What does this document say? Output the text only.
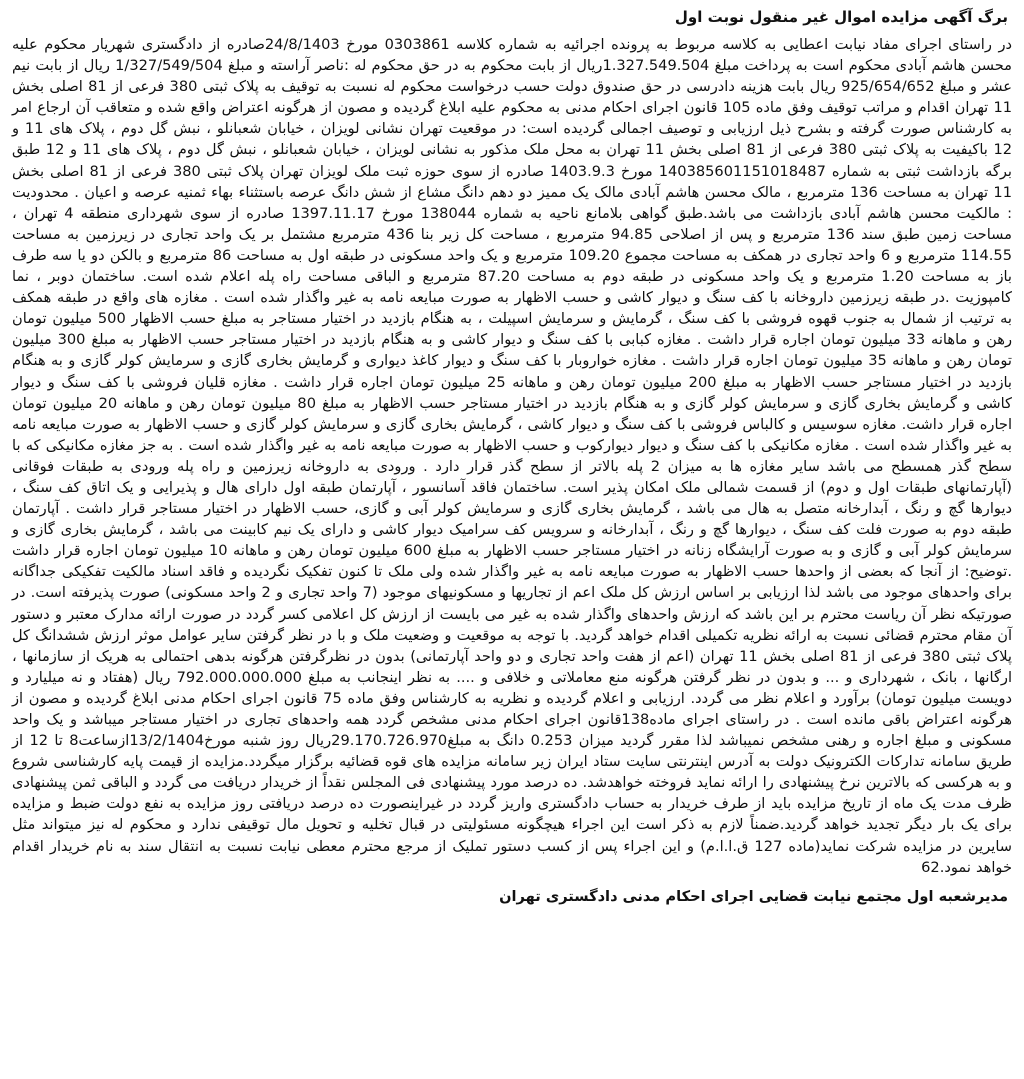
برگ آگهی مزایده اموال غیر منقول نوبت اول

در راستای اجرای مفاد نیابت اعطایی به کلاسه مربوط به پرونده اجرائیه به شماره کلاسه 0303861 مورخ 24/8/1403صادره از دادگستری شهریار محکوم علیه محسن هاشم آبادی محکوم است به پرداخت مبلغ 1.327.549.504ریال از بابت محکوم به در حق محکوم له :ناصر آراسته و مبلغ 1/327/549/504 ریال از بابت نیم عشر و مبلغ 925/654/652 ریال بابت هزینه دادرسی در حق صندوق دولت حسب درخواست محکوم له نسبت به توقیف به پلاک ثبتی 380 فرعی از 81 اصلی بخش 11 تهران اقدام و مراتب توقیف وفق ماده 105 قانون اجرای احکام مدنی به محکوم علیه ابلاغ گردیده و مصون از هرگونه اعتراض واقع شده و متعاقب آن ارجاع امر به کارشناس صورت گرفته و بشرح ذیل ارزیابی و توصیف اجمالی گردیده است: در موقعیت تهران نشانی لویزان ، خیابان شعبانلو ، نبش گل دوم ، پلاک های 11 و 12 باکیفیت به پلاک ثبتی 380 فرعی از 81 اصلی بخش 11 تهران به محل ملک مذکور به نشانی لویزان ، خیابان شعبانلو ، نبش گل دوم ، پلاک های 11 و 12 طبق برگه بازداشت ثبتی به شماره 140385601151018487 مورخ 1403.9.3 صادره از سوی حوزه ثبت ملک لویزان تهران پلاک ثبتی 380 فرعی از 81 اصلی بخش 11 تهران به مساحت 136 مترمربع ، مالک محسن هاشم آبادی مالک یک ممیز دو دهم دانگ مشاع از شش دانگ عرصه باستثناء بهاء ثمنیه عرصه و اعیان . محدودیت : مالکیت محسن هاشم آبادی بازداشت می باشد.طبق گواهی بلامانع ناحیه به شماره 138044 مورخ 1397.11.17 صادره از سوی شهرداری منطقه 4 تهران ، مساحت زمین طبق سند 136 مترمربع و پس از اصلاحی 94.85 مترمربع ، مساحت کل زیر بنا 436 مترمربع مشتمل بر یک واحد تجاری در زیرزمین به مساحت 114.55 مترمربع و 6 واحد تجاری در همکف به مساحت مجموع 109.20 مترمربع و یک واحد مسکونی در طبقه اول به مساحت 86 مترمربع و بالکن دو یا سه طرف باز به مساحت 1.20 مترمربع و یک واحد مسکونی در طبقه دوم به مساحت 87.20 مترمربع و الباقی مساحت راه پله اعلام شده است. ساختمان دوبر ، نما کامپوزیت .در طبقه زیرزمین داروخانه با کف سنگ و دیوار کاشی و حسب الاظهار به صورت مبایعه نامه به غیر واگذار شده است . مغازه های واقع در طبقه همکف به ترتیب از شمال به جنوب قهوه فروشی با کف سنگ ، گرمایش و سرمایش اسپیلت ، به هنگام بازدید در اختیار مستاجر به مبلغ حسب الاظهار 500 میلیون تومان رهن و ماهانه 33 میلیون تومان اجاره قرار داشت . مغازه کبابی با کف سنگ و دیوار کاشی و به هنگام بازدید در اختیار مستاجر حسب الاظهار به مبلغ 300 میلیون تومان رهن و ماهانه 35 میلیون تومان اجاره قرار داشت . مغازه خواروبار با کف سنگ و دیوار کاغذ دیواری و گرمایش بخاری گازی و سرمایش کولر گازی و به هنگام بازدید در اختیار مستاجر حسب الاظهار به مبلغ 200 میلیون تومان رهن و ماهانه 25 میلیون تومان اجاره قرار داشت . مغازه قلیان فروشی با کف سنگ و دیوار کاشی و گرمایش بخاری گازی و سرمایش کولر گازی و به هنگام بازدید در اختیار مستاجر حسب الاظهار به مبلغ 80 میلیون تومان رهن و ماهانه 20 میلیون تومان اجاره قرار داشت. مغازه سوسیس و کالباس فروشی با کف سنگ و دیوار کاشی ، گرمایش بخاری گازی و سرمایش کولر گازی و حسب الاظهار به صورت مبایعه نامه به غیر واگذار شده است . مغازه مکانیکی با کف سنگ و دیوار دیوارکوب و حسب الاظهار به صورت مبایعه نامه به غیر واگذار شده است . به جز مغازه مکانیکی که با سطح گذر همسطح می باشد سایر مغازه ها به میزان 2 پله بالاتر از سطح گذر قرار دارد . ورودی به داروخانه زیرزمین و راه پله ورودی به طبقات فوقانی (آپارتمانهای طبقات اول و دوم) از قسمت شمالی ملک امکان پذیر است. ساختمان فاقد آسانسور ، آپارتمان طبقه اول دارای هال و پذیرایی و یک اتاق کف سنگ ، دیوارها گچ و رنگ ، آبدارخانه متصل به هال می باشد ، گرمایش بخاری گازی و سرمایش کولر آبی و گازی، حسب الاظهار در اختیار مستاجر قرار داشت . آپارتمان طبقه دوم به صورت فلت کف سنگ ، دیوارها گچ و رنگ ، آبدارخانه و سرویس کف سرامیک دیوار کاشی و دارای یک نیم کابینت می باشد ، گرمایش بخاری گازی و سرمایش کولر آبی و گازی و به صورت آرایشگاه زنانه در اختیار مستاجر حسب الاظهار به مبلغ 600 میلیون تومان رهن و ماهانه 10 میلیون تومان اجاره قرار داشت .توضیح: از آنجا که بعضی از واحدها حسب الاظهار به صورت مبایعه نامه به غیر واگذار شده ولی ملک تا کنون تفکیک نگردیده و فاقد اسناد مالکیت تفکیکی جداگانه برای واحدهای موجود می باشد لذا ارزیابی بر اساس ارزش کل ملک اعم از تجاریها و مسکونیهای موجود (7 واحد تجاری و 2 واحد مسکونی) صورت پذیرفته است. در صورتیکه نظر آن ریاست محترم بر این باشد که ارزش واحدهای واگذار شده به غیر می بایست از ارزش کل اعلامی کسر گردد در صورت ارائه مدارک معتبر و دستور آن مقام محترم قضائی نسبت به ارائه نظریه تکمیلی اقدام خواهد گردید. با توجه به موقعیت و وضعیت ملک و با در نظر گرفتن سایر عوامل موثر ارزش ششدانگ کل پلاک ثبتی 380 فرعی از 81 اصلی بخش 11 تهران (اعم از هفت واحد تجاری و دو واحد آپارتمانی) بدون در نظرگرفتن هرگونه بدهی احتمالی به هریک از سازمانها ، ارگانها ، بانک ، شهرداری و ... و بدون در نظر گرفتن هرگونه منع معاملاتی و خلافی و .... به نظر اینجانب به مبلغ 792.000.000.000 ریال (هفتاد و نه میلیارد و دویست میلیون تومان) برآورد و اعلام نظر می گردد. ارزیابی و اعلام گردیده و نظریه به کارشناس وفق ماده 75 قانون اجرای احکام مدنی ابلاغ گردیده و مصون از هرگونه اعتراض باقی مانده است . در راستای اجرای ماده138قانون اجرای احکام مدنی مشخص گردد همه واحدهای تجاری در اختیار مستاجر میباشد و یک واحد مسکونی و مبلغ اجاره و رهنی مشخص نمیباشد لذا مقرر گردید میزان 0.253 دانگ به مبلغ29.170.726.970ریال روز شنبه مورخ13/2/1404ازساعت8 تا 12 از طریق سامانه تدارکات الکترونیک دولت به آدرس اینترنتی سایت ستاد ایران زیر سامانه مزایده های قوه قضائیه برگزار میگردد.مزایده از قیمت پایه کارشناسی شروع و به هرکسی که بالاترین نرخ پیشنهادی را ارائه نماید فروخته خواهدشد. ده درصد مورد پیشنهادی فی المجلس نقداً از خریدار دریافت می گردد و الباقی ثمن پیشنهادی ظرف مدت یک ماه از تاریخ مزایده باید از طرف خریدار به حساب دادگستری واریز گردد در غیراینصورت ده درصد دریافتی روز مزایده به نفع دولت ضبط و مزایده برای یک بار دیگر تجدید خواهد گردید.ضمناً لازم به ذکر است این اجراء هیچگونه مسئولیتی در قبال تخلیه و تحویل مال توقیفی ندارد و محکوم له نیز میتواند مثل سایرین در مزایده شرکت نماید(ماده 127 ق.ا.ا.م) و این اجراء پس از کسب دستور تملیک از مرجع محترم معطی نیابت نسبت به انتقال سند به نام خریدار اقدام خواهد نمود.62

مدیرشعبه اول مجتمع نیابت قضایی اجرای احکام مدنی دادگستری تهران
